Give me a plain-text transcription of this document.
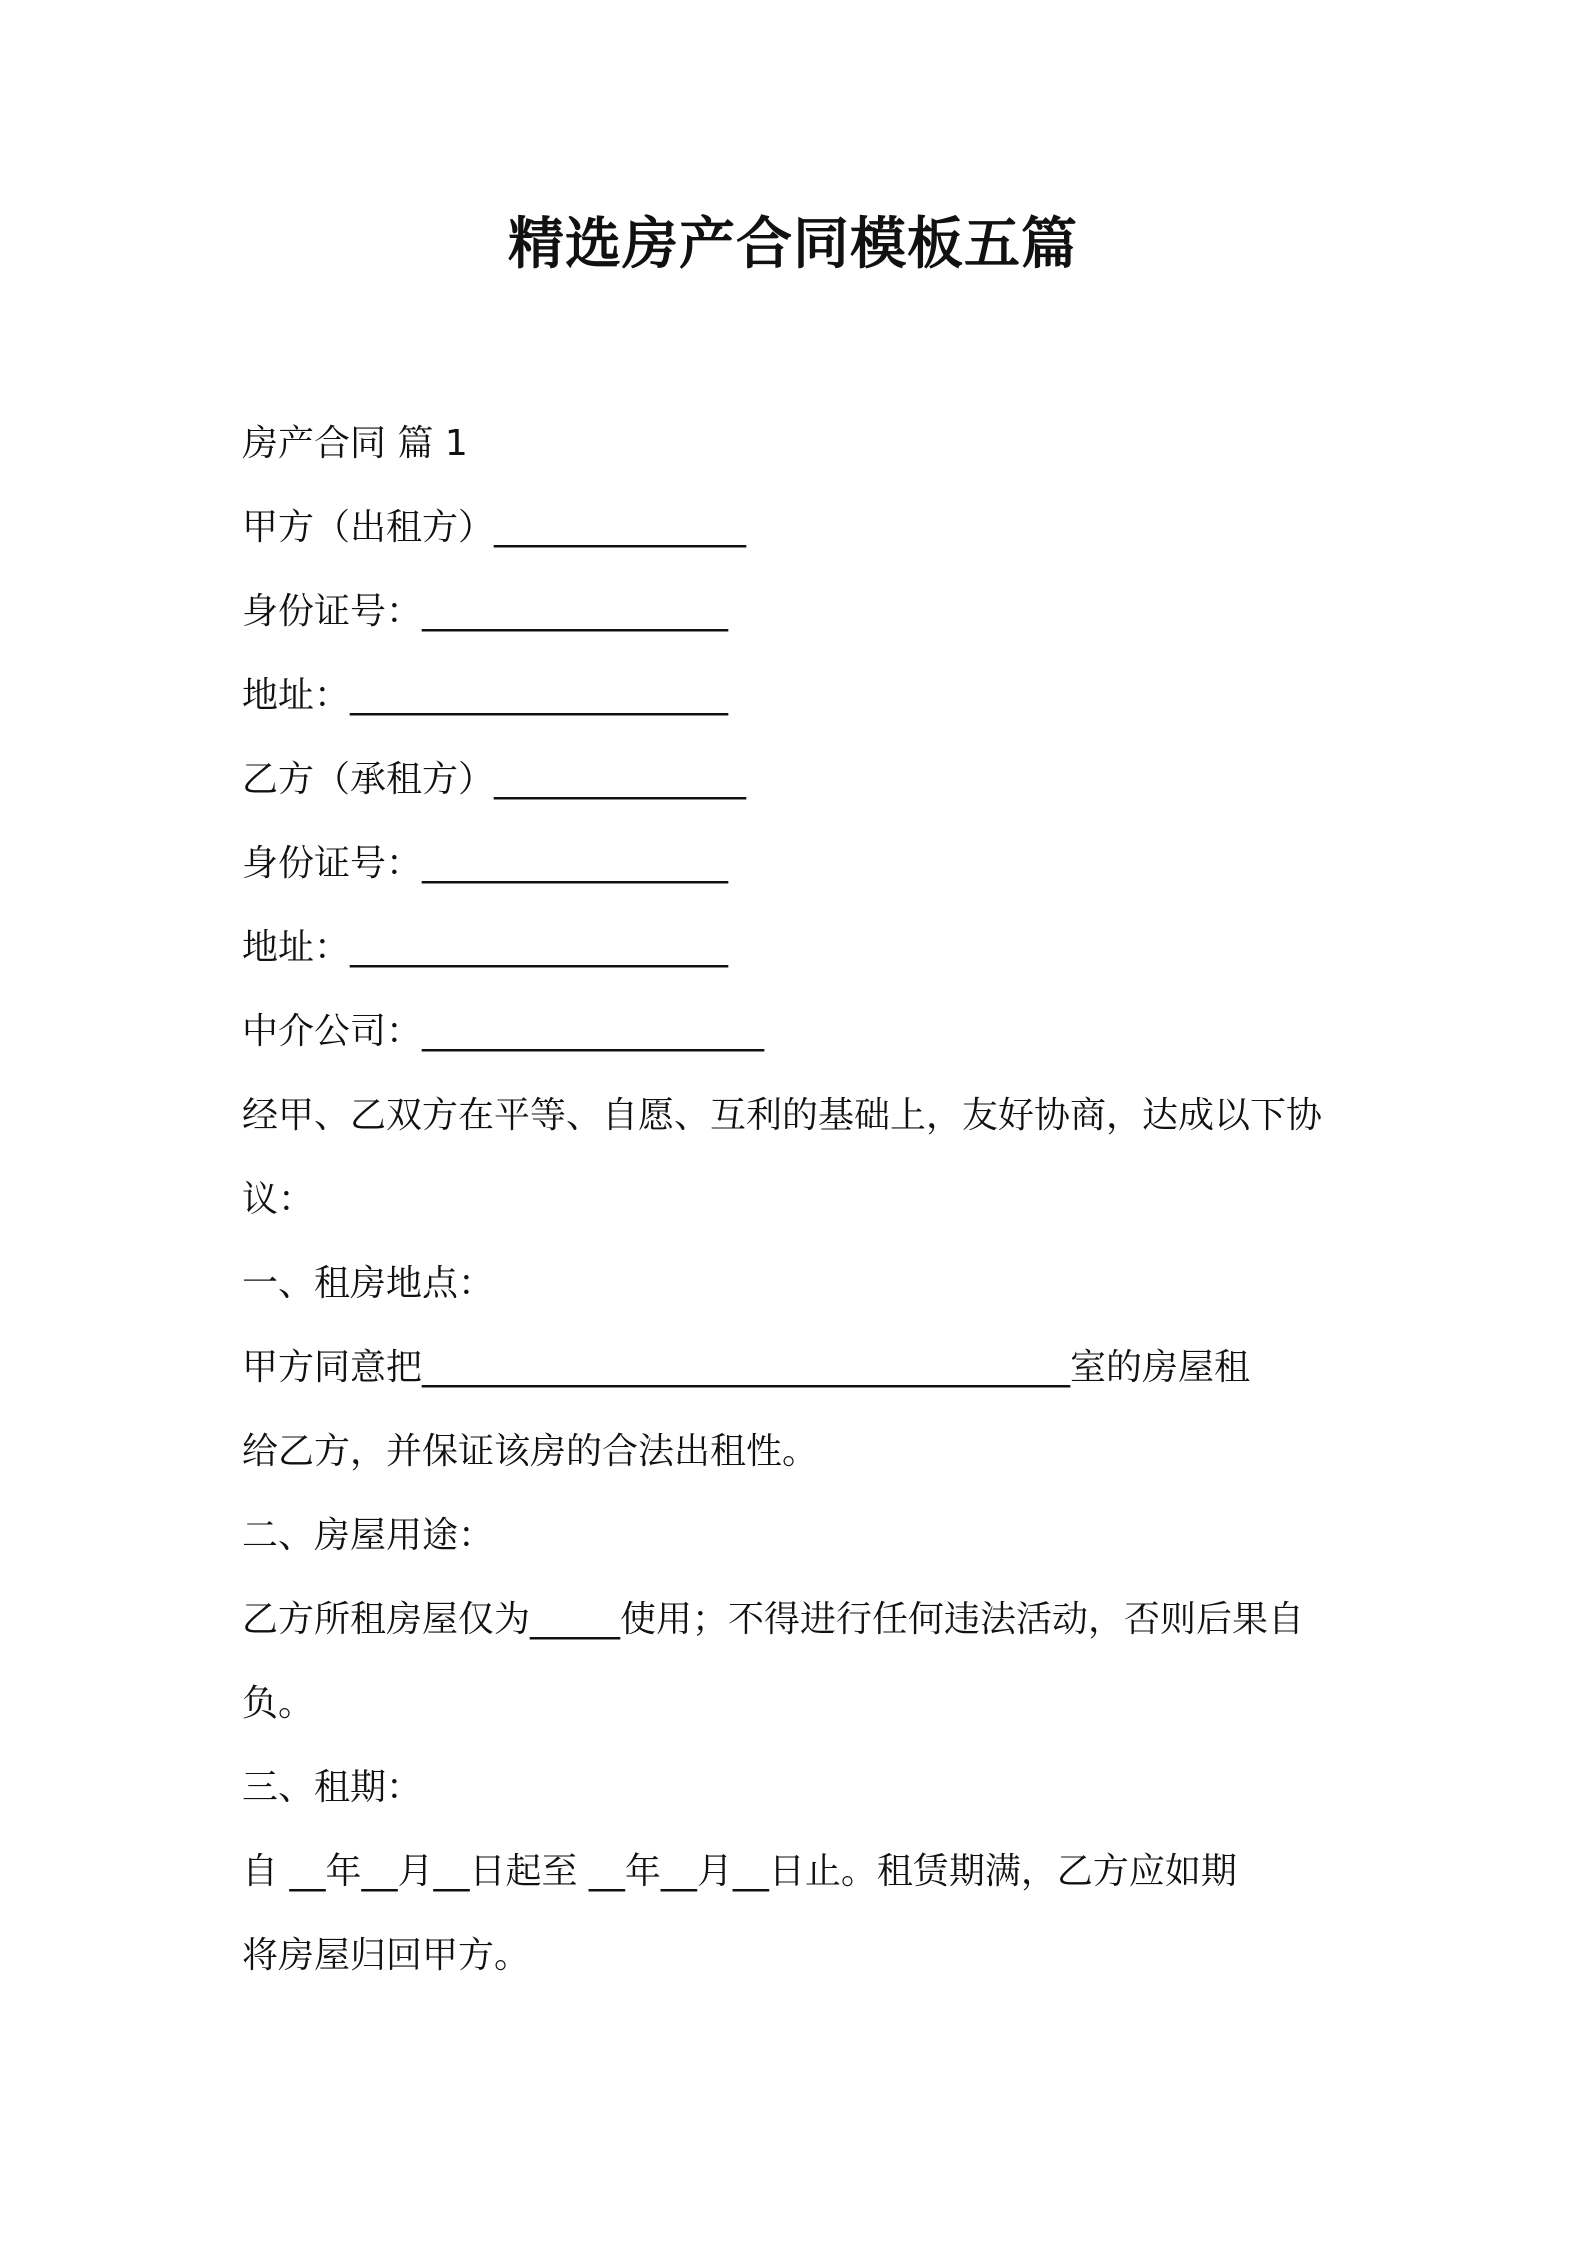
精选房产合同模板五篇
房产合同 篇 1
甲方（出租方）______________
身份证号：_________________
地址：_____________________
乙方（承租方）______________
身份证号：_________________
地址：_____________________
中介公司：___________________
经甲、乙双方在平等、自愿、互利的基础上，友好协商，达成以下协
议：
一、租房地点：
甲方同意把____________________________________室的房屋租
给乙方，并保证该房的合法出租性。
二、房屋用途：
乙方所租房屋仅为_____使用；不得进行任何违法活动，否则后果自
负。
三、租期：
自 __年__月__日起至 __年__月__日止。租赁期满，乙方应如期
将房屋归回甲方。
